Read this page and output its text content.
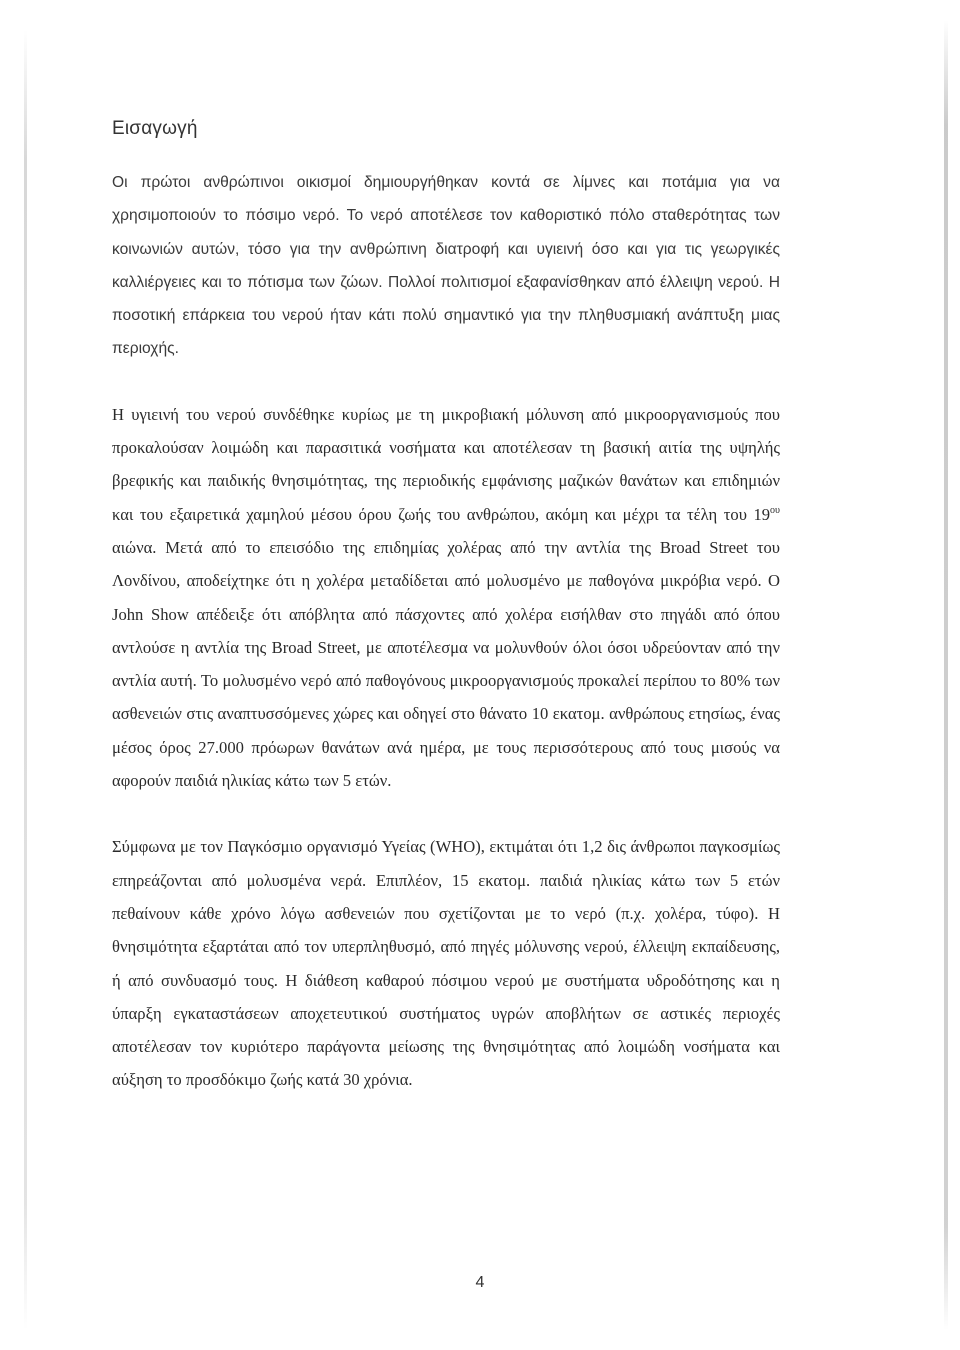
Εισαγωγή

Οι πρώτοι ανθρώπινοι οικισμοί δημιουργήθηκαν κοντά σε λίμνες και ποτάμια για να χρησιμοποιούν το πόσιμο νερό. Το νερό αποτέλεσε τον καθοριστικό πόλο σταθερότητας των κοινωνιών αυτών, τόσο για την ανθρώπινη διατροφή και υγιεινή όσο και για τις γεωργικές καλλιέργειες και το πότισμα των ζώων. Πολλοί πολιτισμοί εξαφανίσθηκαν από έλλειψη νερού. Η ποσοτική επάρκεια του νερού ήταν κάτι πολύ σημαντικό για την πληθυσμιακή ανάπτυξη μιας περιοχής.

Η υγιεινή του νερού συνδέθηκε κυρίως με τη μικροβιακή μόλυνση από μικροοργανισμούς που προκαλούσαν λοιμώδη και παρασιτικά νοσήματα και αποτέλεσαν τη βασική αιτία της υψηλής βρεφικής και παιδικής θνησιμότητας, της περιοδικής εμφάνισης μαζικών θανάτων και επιδημιών και του εξαιρετικά χαμηλού μέσου όρου ζωής του ανθρώπου, ακόμη και μέχρι τα τέλη του $19^{o\upsilon}$ αιώνα. Μετά από το επεισόδιο της επιδημίας χολέρας από την αντλία της Broad Street του Λονδίνου, αποδείχτηκε ότι η χολέρα μεταδίδεται από μολυσμένο με παθογόνα μικρόβια νερό. Ο John Show απέδειξε ότι απόβλητα από πάσχοντες από χολέρα εισήλθαν στο πηγάδι από όπου αντλούσε η αντλία της Broad Street, με αποτέλεσμα να μολυνθούν όλοι όσοι υδρεύονταν από την αντλία αυτή. Το μολυσμένο νερό από παθογόνους μικροοργανισμούς προκαλεί περίπου το 80% των ασθενειών στις αναπτυσσόμενες χώρες και οδηγεί στο θάνατο 10 εκατομ. ανθρώπους ετησίως, ένας μέσος όρος 27.000 πρόωρων θανάτων ανά ημέρα, με τους περισσότερους από τους μισούς να αφορούν παιδιά ηλικίας κάτω των 5 ετών.

Σύμφωνα με τον Παγκόσμιο οργανισμό Υγείας (WHO), εκτιμάται ότι 1,2 δις άνθρωποι παγκοσμίως επηρεάζονται από μολυσμένα νερά. Επιπλέον, 15 εκατομ. παιδιά ηλικίας κάτω των 5 ετών πεθαίνουν κάθε χρόνο λόγω ασθενειών που σχετίζονται με το νερό (π.χ. χολέρα, τύφο). Η θνησιμότητα εξαρτάται από τον υπερπληθυσμό, από πηγές μόλυνσης νερού, έλλειψη εκπαίδευσης, ή από συνδυασμό τους. Η διάθεση καθαρού πόσιμου νερού με συστήματα υδροδότησης και η ύπαρξη εγκαταστάσεων αποχετευτικού συστήματος υγρών αποβλήτων σε αστικές περιοχές αποτέλεσαν τον κυριότερο παράγοντα μείωσης της θνησιμότητας από λοιμώδη νοσήματα και αύξηση το προσδόκιμο ζωής κατά 30 χρόνια.

4
